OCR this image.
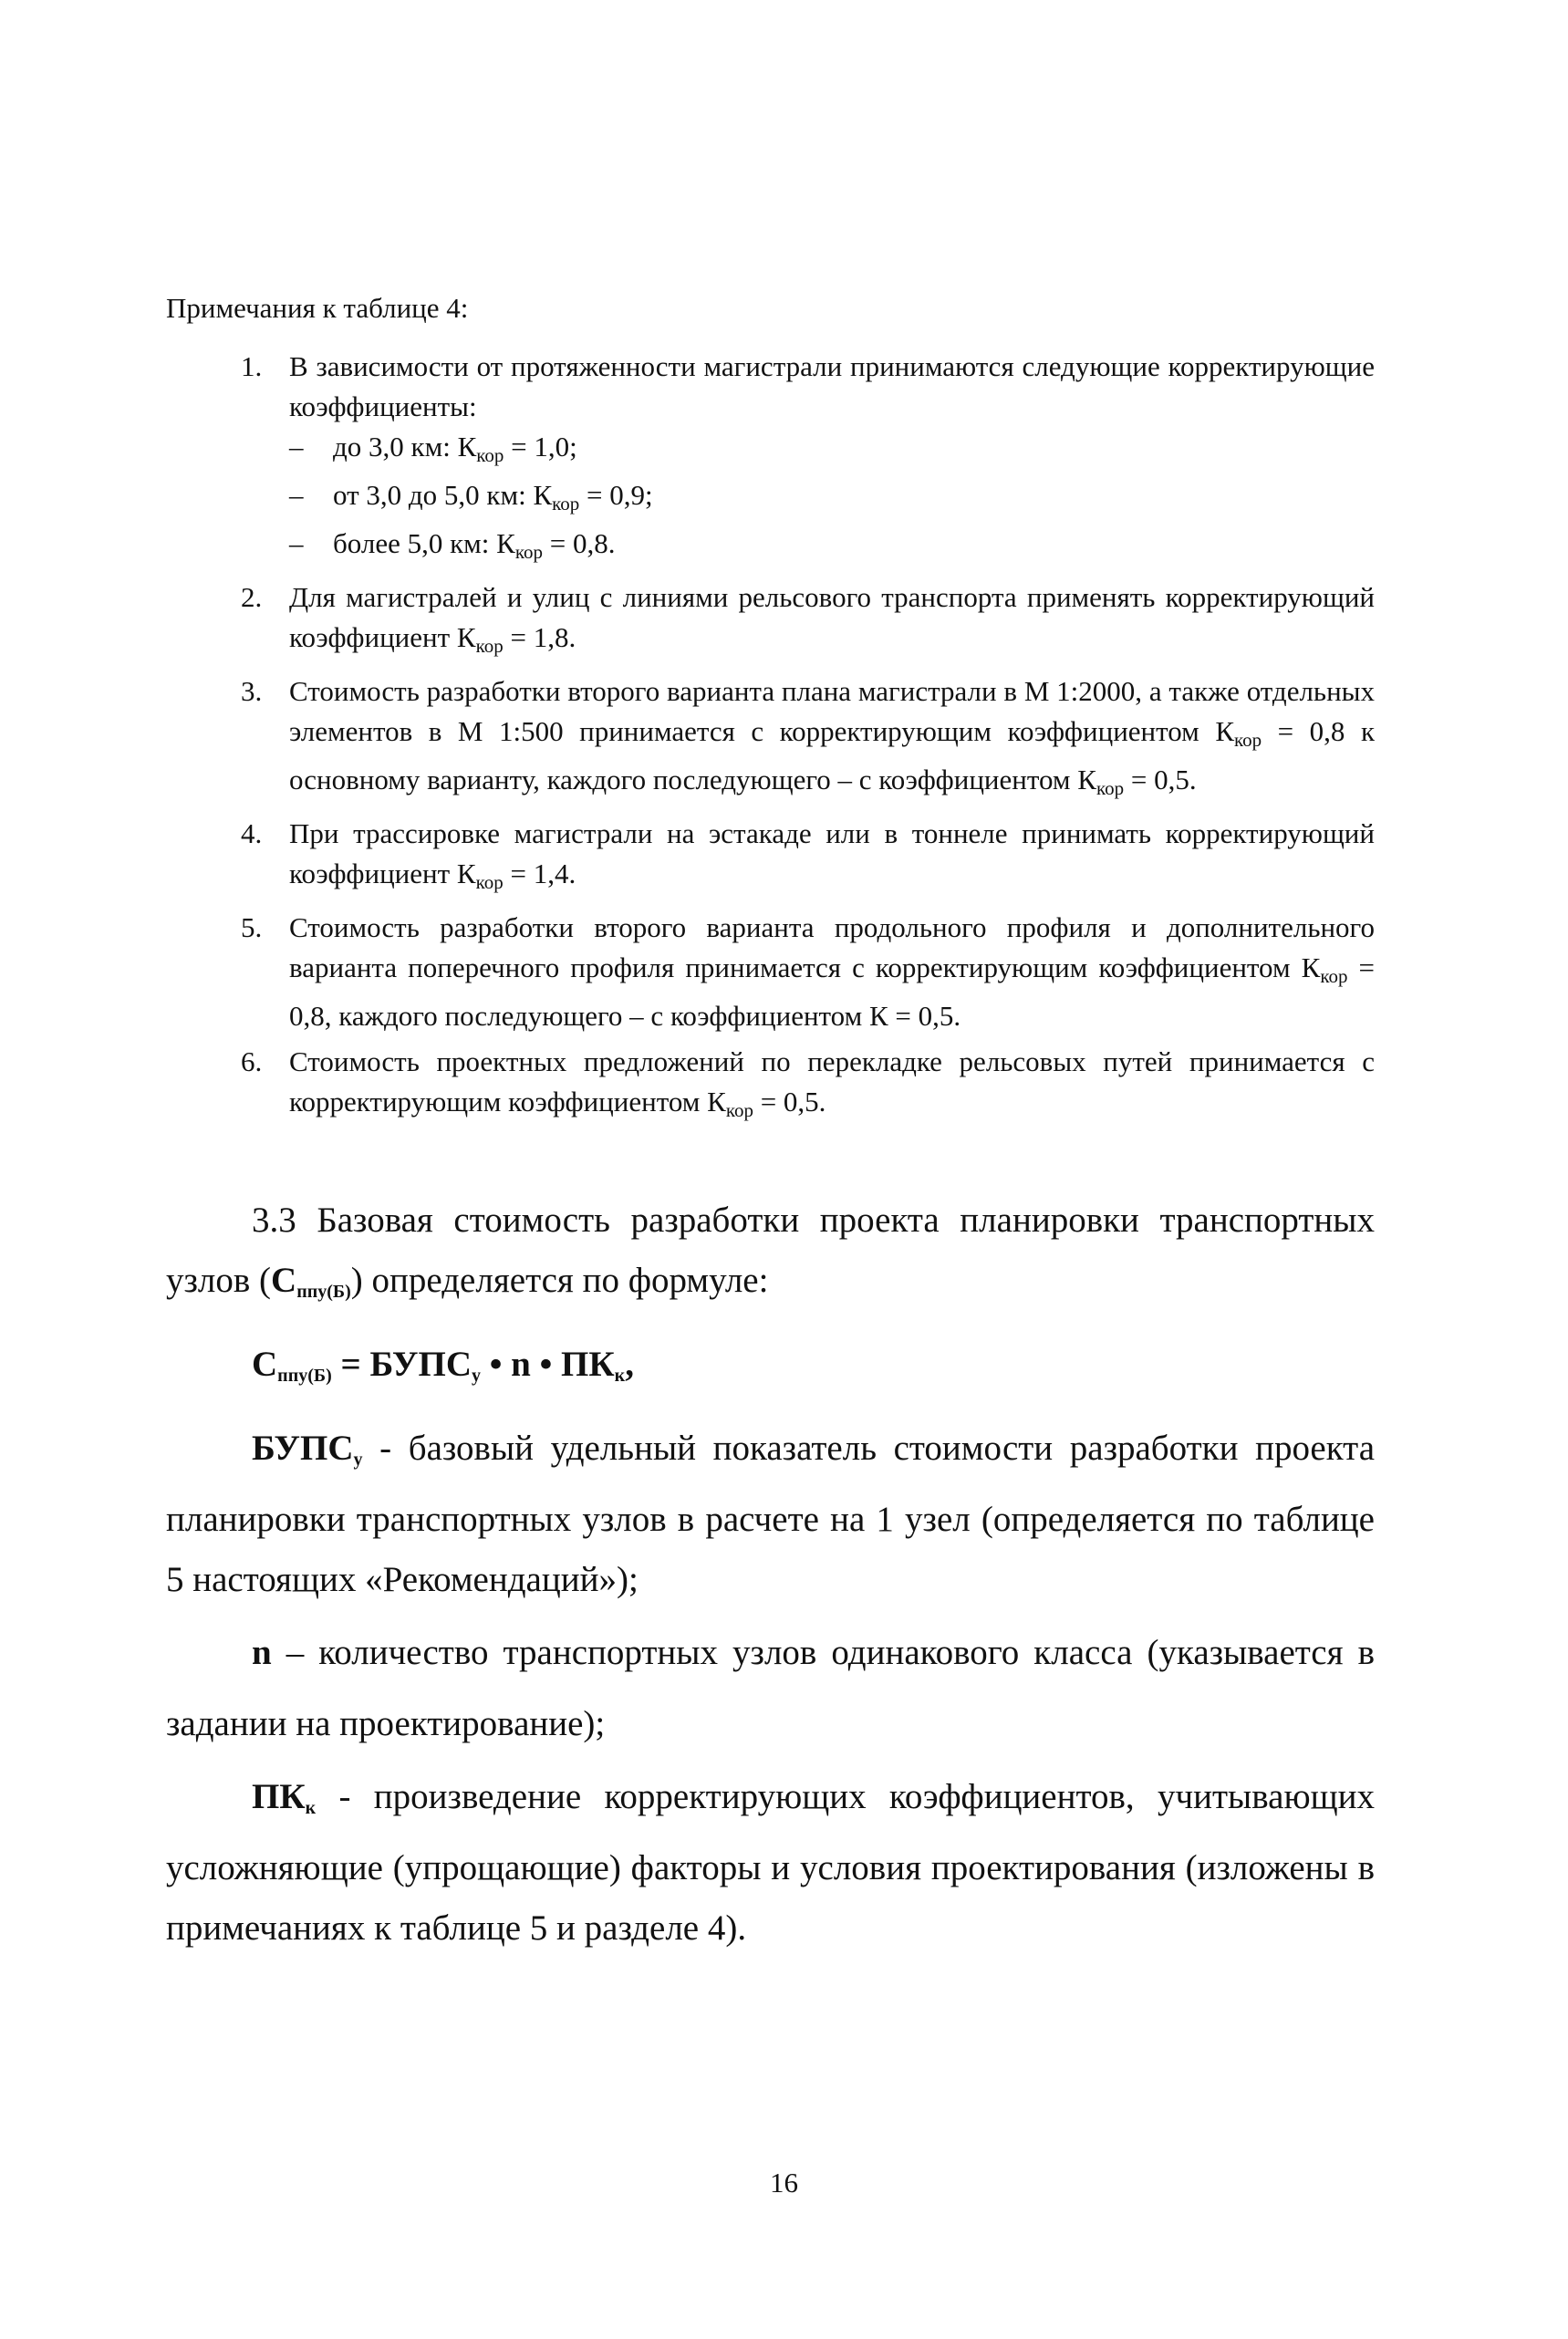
Примечания к таблице 4:
1. В зависимости от протяженности магистрали принимаются следующие корректирующие коэффициенты:
– до 3,0 км: $К_{кор} = 1,0$;
– от 3,0 до 5,0 км: $К_{кор} = 0,9$;
– более 5,0 км: $К_{кор} = 0,8$.
2. Для магистралей и улиц с линиями рельсового транспорта применять корректирующий коэффициент $К_{кор} = 1,8$.
3. Стоимость разработки второго варианта плана магистрали в М 1:2000, а также отдельных элементов в М 1:500 принимается с корректирующим коэффициентом $К_{кор} = 0,8$ к основному варианту, каждого последующего – с коэффициентом $К_{кор} = 0,5$.
4. При трассировке магистрали на эстакаде или в тоннеле принимать корректирующий коэффициент $К_{кор} = 1,4$.
5. Стоимость разработки второго варианта продольного профиля и дополнительного варианта поперечного профиля принимается с корректирующим коэффициентом $К_{кор} = 0,8$, каждого последующего – с коэффициентом К = 0,5.
6. Стоимость проектных предложений по перекладке рельсовых путей принимается с корректирующим коэффициентом $К_{кор} = 0,5$.

3.3 Базовая стоимость разработки проекта планировки транспортных узлов (Сппу(Б)) определяется по формуле:

Сппу(Б) = БУПСу • n • ПКк,

БУПСу - базовый удельный показатель стоимости разработки проекта планировки транспортных узлов в расчете на 1 узел (определяется по таблице 5 настоящих «Рекомендаций»);

n – количество транспортных узлов одинакового класса (указывается в задании на проектирование);

ПКк - произведение корректирующих коэффициентов, учитывающих усложняющие (упрощающие) факторы и условия проектирования (изложены в примечаниях к таблице 5 и разделе 4).

16
